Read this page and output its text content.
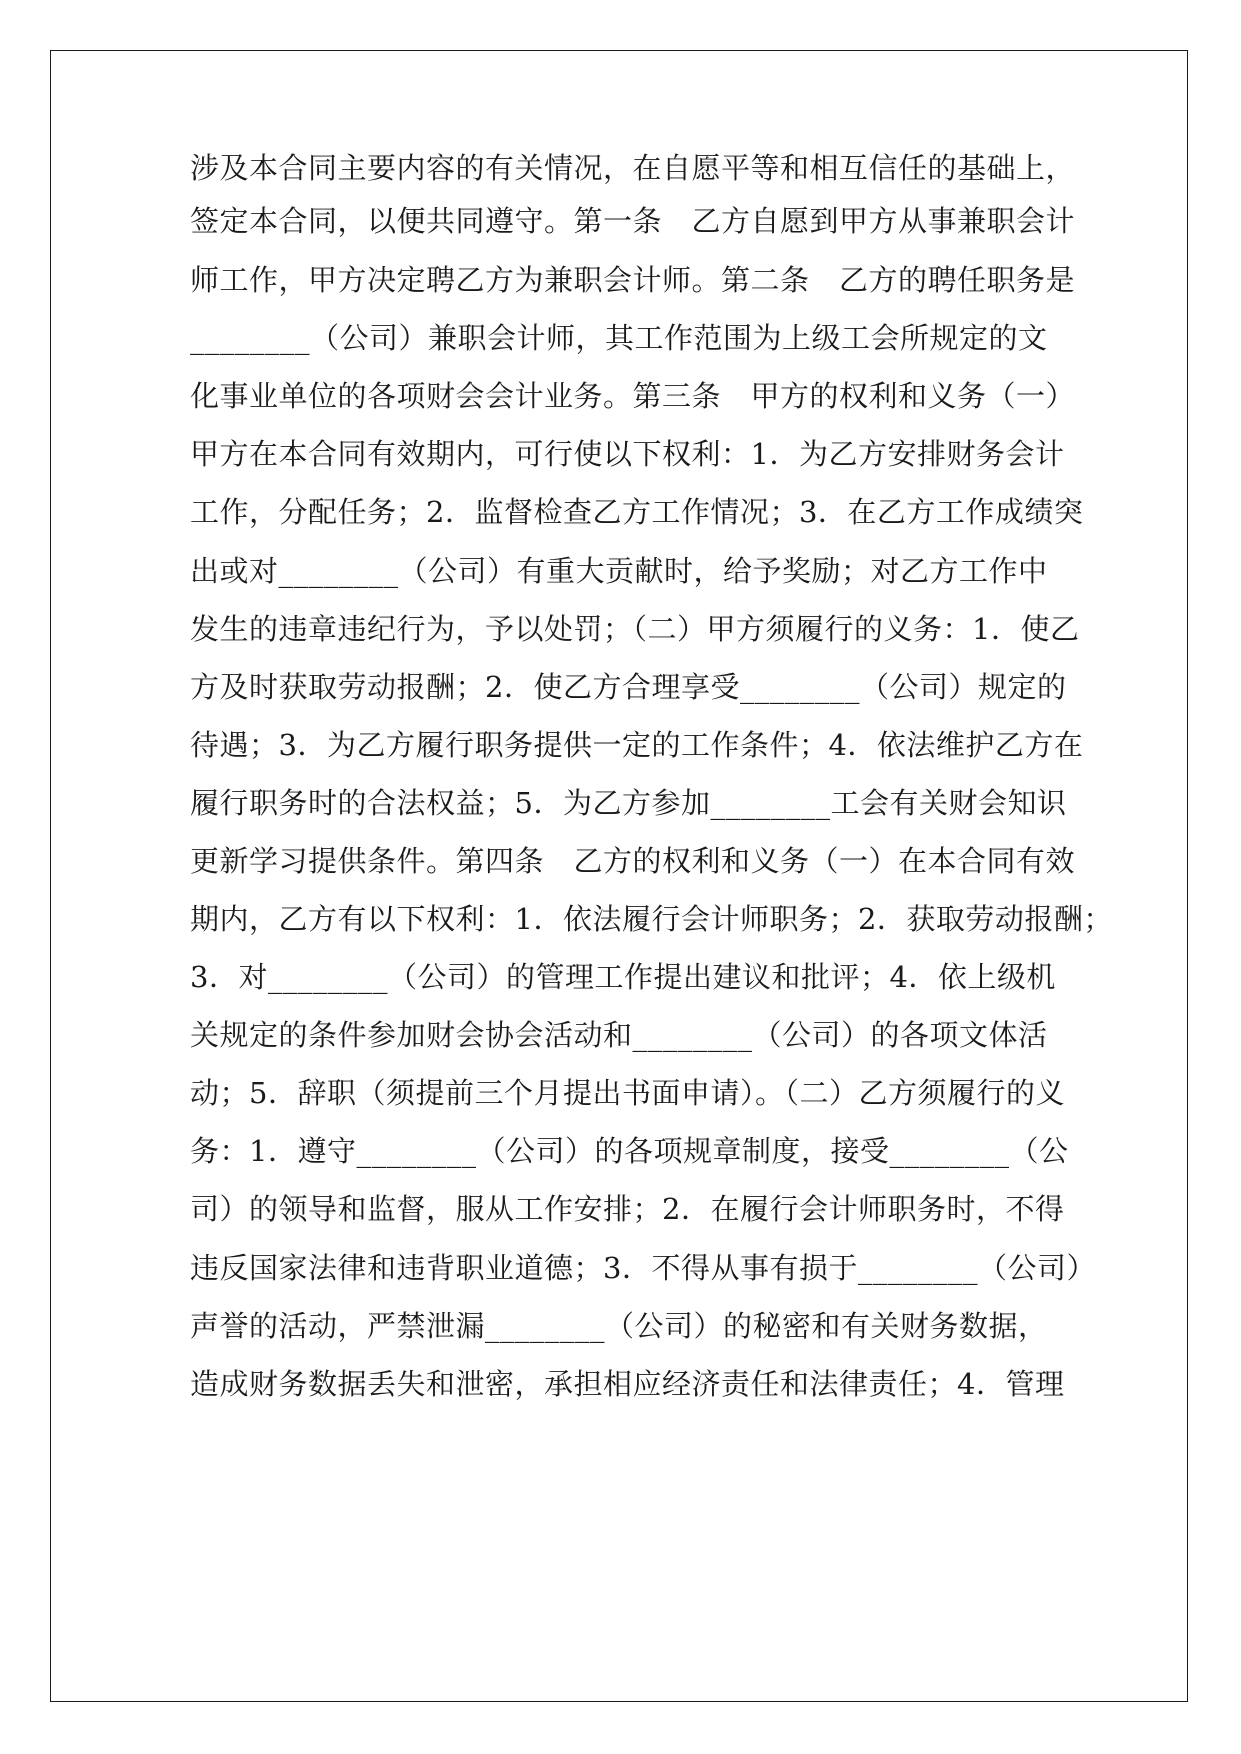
涉及本合同主要内容的有关情况，在自愿平等和相互信任的基础上，
签定本合同，以便共同遵守。第一条　乙方自愿到甲方从事兼职会计
师工作，甲方决定聘乙方为兼职会计师。第二条　乙方的聘任职务是
________（公司）兼职会计师，其工作范围为上级工会所规定的文
化事业单位的各项财会会计业务。第三条　甲方的权利和义务（一）
甲方在本合同有效期内，可行使以下权利：1．为乙方安排财务会计
工作，分配任务；2．监督检查乙方工作情况；3．在乙方工作成绩突
出或对________（公司）有重大贡献时，给予奖励；对乙方工作中
发生的违章违纪行为，予以处罚；（二）甲方须履行的义务：1．使乙
方及时获取劳动报酬；2．使乙方合理享受________（公司）规定的
待遇；3．为乙方履行职务提供一定的工作条件；4．依法维护乙方在
履行职务时的合法权益；5．为乙方参加________工会有关财会知识
更新学习提供条件。第四条　乙方的权利和义务（一）在本合同有效
期内，乙方有以下权利：1．依法履行会计师职务；2．获取劳动报酬；
3．对________（公司）的管理工作提出建议和批评；4．依上级机
关规定的条件参加财会协会活动和________（公司）的各项文体活
动；5．辞职（须提前三个月提出书面申请）。（二）乙方须履行的义
务：1．遵守________（公司）的各项规章制度，接受________（公
司）的领导和监督，服从工作安排；2．在履行会计师职务时，不得
违反国家法律和违背职业道德；3．不得从事有损于________（公司）
声誉的活动，严禁泄漏________（公司）的秘密和有关财务数据，
造成财务数据丢失和泄密，承担相应经济责任和法律责任；4．管理
